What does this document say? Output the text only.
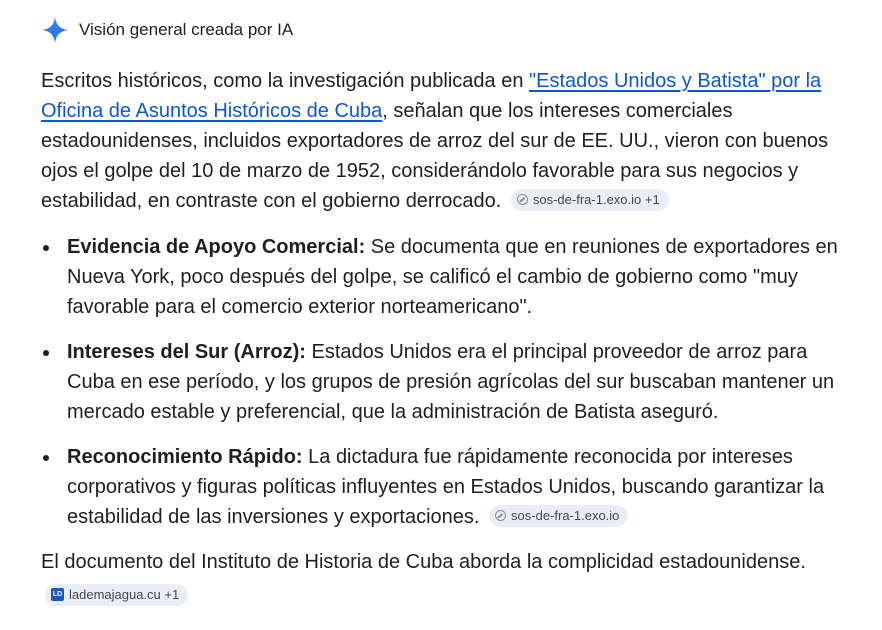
Visión general creada por IA

Escritos históricos, como la investigación publicada en "Estados Unidos y Batista" por la Oficina de Asuntos Históricos de Cuba, señalan que los intereses comerciales estadounidenses, incluidos exportadores de arroz del sur de EE. UU., vieron con buenos ojos el golpe del 10 de marzo de 1952, considerándolo favorable para sus negocios y estabilidad, en contraste con el gobierno derrocado. sos-de-fra-1.exo.io +1

Evidencia de Apoyo Comercial: Se documenta que en reuniones de exportadores en Nueva York, poco después del golpe, se calificó el cambio de gobierno como "muy favorable para el comercio exterior norteamericano".
Intereses del Sur (Arroz): Estados Unidos era el principal proveedor de arroz para Cuba en ese período, y los grupos de presión agrícolas del sur buscaban mantener un mercado estable y preferencial, que la administración de Batista aseguró.
Reconocimiento Rápido: La dictadura fue rápidamente reconocida por intereses corporativos y figuras políticas influyentes en Estados Unidos, buscando garantizar la estabilidad de las inversiones y exportaciones. sos-de-fra-1.exo.io

El documento del Instituto de Historia de Cuba aborda la complicidad estadounidense.
LD lademajagua.cu +1
